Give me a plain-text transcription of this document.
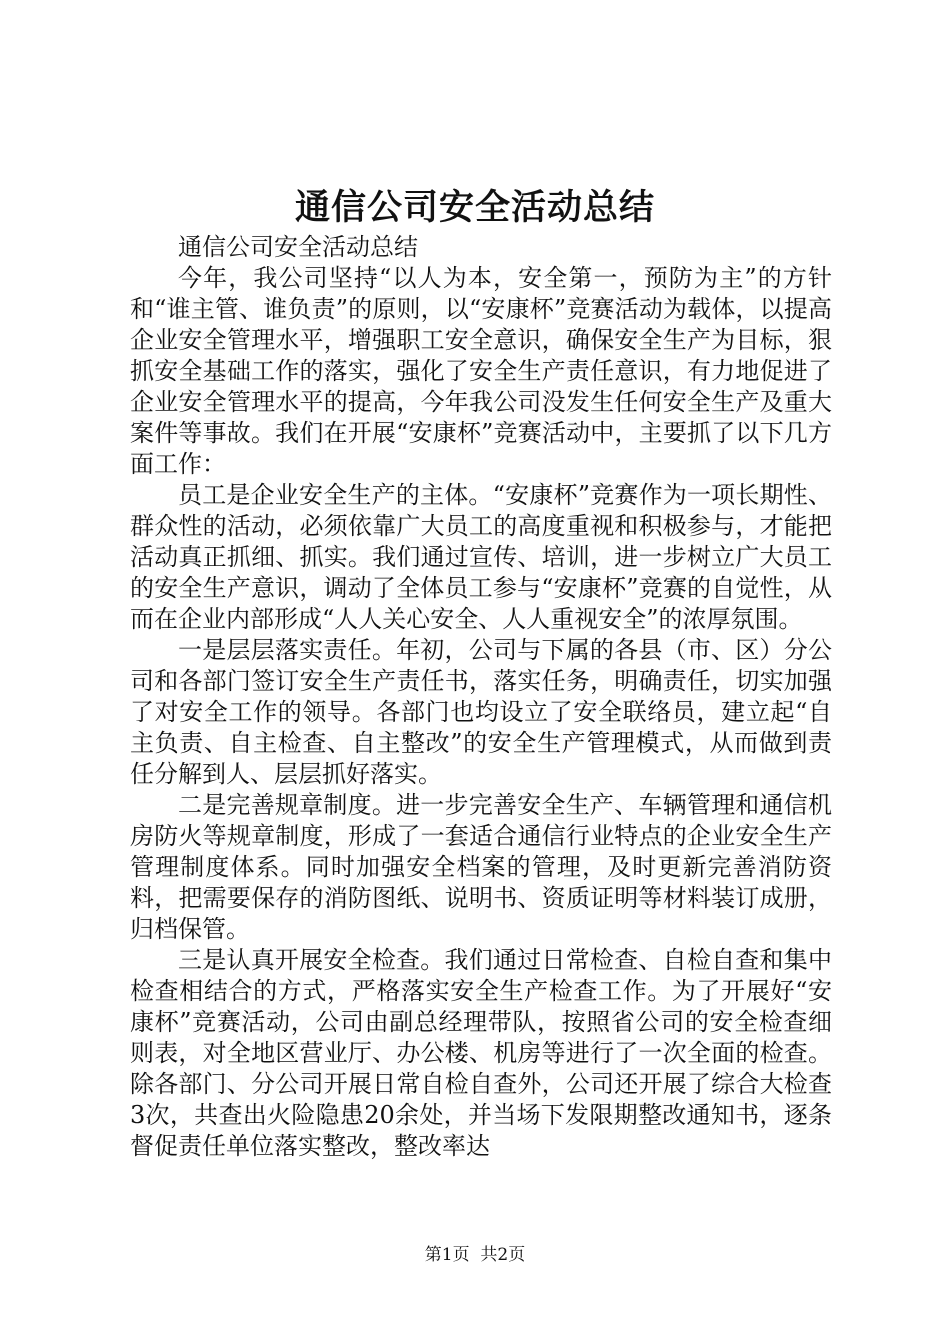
通信公司安全活动总结

通信公司安全活动总结

今年，我公司坚持“以人为本，安全第一，预防为主”的方针和“谁主管、谁负责”的原则，以“安康杯”竞赛活动为载体，以提高企业安全管理水平，增强职工安全意识，确保安全生产为目标，狠抓安全基础工作的落实，强化了安全生产责任意识，有力地促进了企业安全管理水平的提高，今年我公司没发生任何安全生产及重大案件等事故。我们在开展“安康杯”竞赛活动中，主要抓了以下几方面工作：

员工是企业安全生产的主体。“安康杯”竞赛作为一项长期性、群众性的活动，必须依靠广大员工的高度重视和积极参与，才能把活动真正抓细、抓实。我们通过宣传、培训，进一步树立广大员工的安全生产意识，调动了全体员工参与“安康杯”竞赛的自觉性，从而在企业内部形成“人人关心安全、人人重视安全”的浓厚氛围。

一是层层落实责任。年初，公司与下属的各县（市、区）分公司和各部门签订安全生产责任书，落实任务，明确责任，切实加强了对安全工作的领导。各部门也均设立了安全联络员，建立起“自主负责、自主检查、自主整改”的安全生产管理模式，从而做到责任分解到人、层层抓好落实。

二是完善规章制度。进一步完善安全生产、车辆管理和通信机房防火等规章制度，形成了一套适合通信行业特点的企业安全生产管理制度体系。同时加强安全档案的管理，及时更新完善消防资料，把需要保存的消防图纸、说明书、资质证明等材料装订成册，归档保管。

三是认真开展安全检查。我们通过日常检查、自检自查和集中检查相结合的方式，严格落实安全生产检查工作。为了开展好“安康杯”竞赛活动，公司由副总经理带队，按照省公司的安全检查细则表，对全地区营业厅、办公楼、机房等进行了一次全面的检查。除各部门、分公司开展日常自检自查外，公司还开展了综合大检查3次，共查出火险隐患20余处，并当场下发限期整改通知书，逐条督促责任单位落实整改，整改率达

第1页  共2页
